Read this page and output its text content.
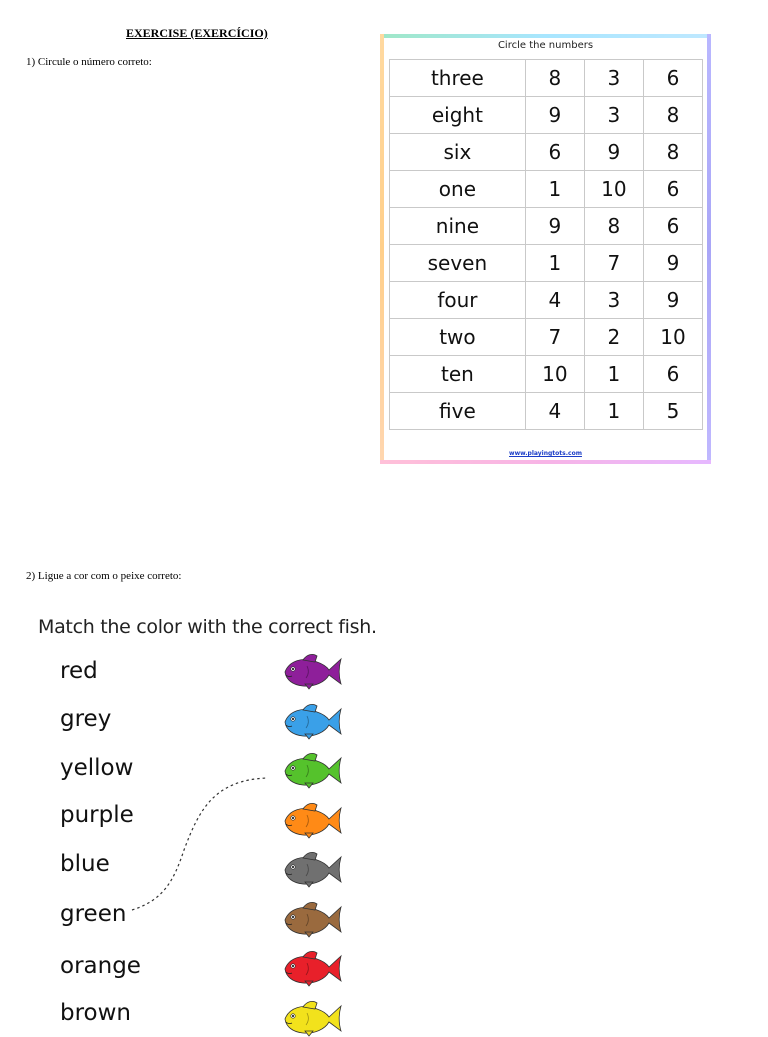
EXERCISE (EXERCÍCIO)
1) Circule o número correto:
Circle the numbers
three	8	3	6
eight	9	3	8
six	6	9	8
one	1	10	6
nine	9	8	6
seven	1	7	9
four	4	3	9
two	7	2	10
ten	10	1	6
five	4	1	5
www.playingtots.com
2) Ligue a cor com o peixe correto:
Match the color with the correct fish.
red
grey
yellow
purple
blue
green
orange
brown
